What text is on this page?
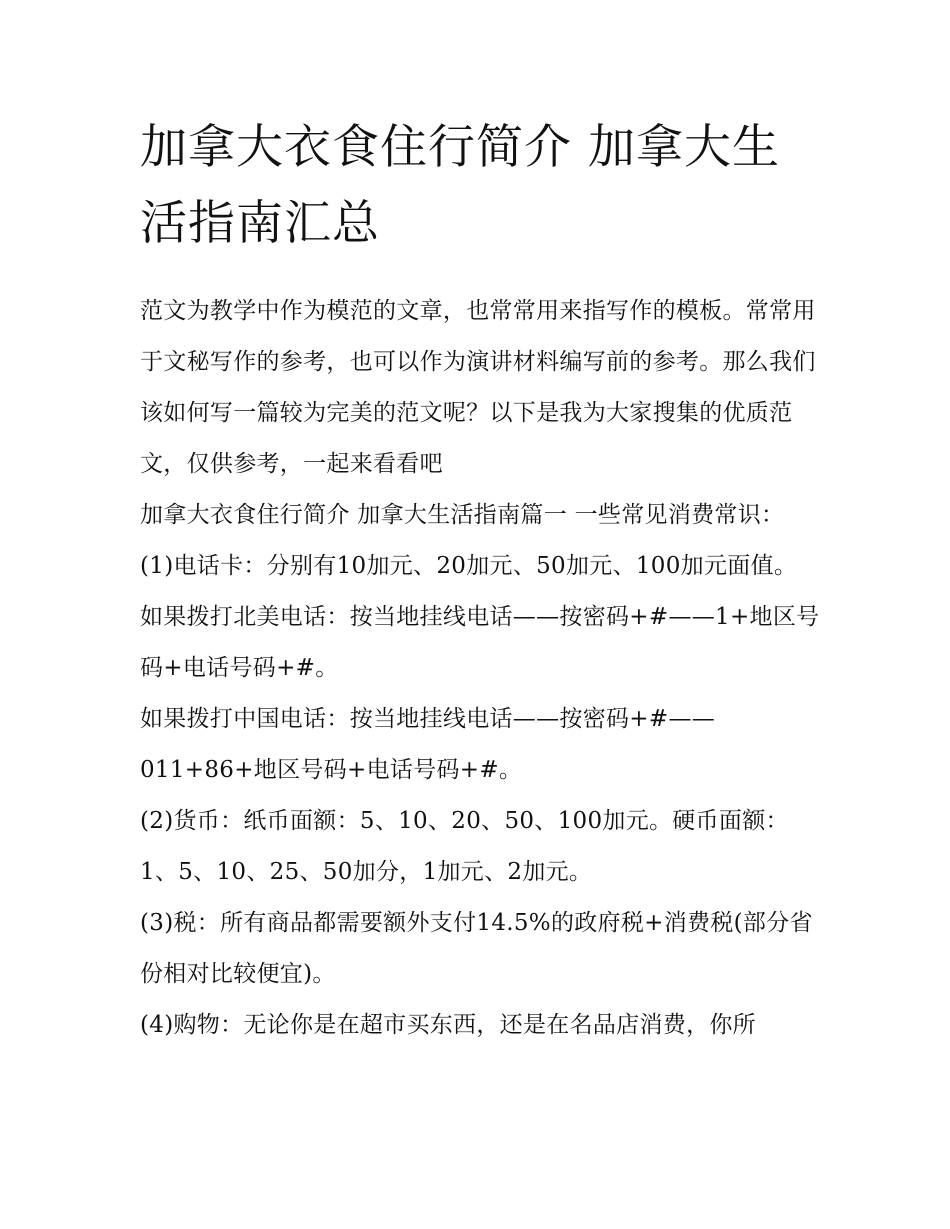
加拿大衣食住行简介 加拿大生活指南汇总

范文为教学中作为模范的文章，也常常用来指写作的模板。常常用于文秘写作的参考，也可以作为演讲材料编写前的参考。那么我们该如何写一篇较为完美的范文呢？以下是我为大家搜集的优质范文，仅供参考，一起来看看吧

加拿大衣食住行简介 加拿大生活指南篇一 一些常见消费常识： (1)电话卡：分别有10加元、20加元、50加元、100加元面值。

如果拨打北美电话：按当地挂线电话——按密码+#——1+地区号码+电话号码+#。

如果拨打中国电话：按当地挂线电话——按密码+#——011+86+地区号码+电话号码+#。

(2)货币：纸币面额：5、10、20、50、100加元。硬币面额：1、5、10、25、50加分，1加元、2加元。

(3)税：所有商品都需要额外支付14.5%的政府税+消费税(部分省份相对比较便宜)。

(4)购物：无论你是在超市买东西，还是在名品店消费，你所
